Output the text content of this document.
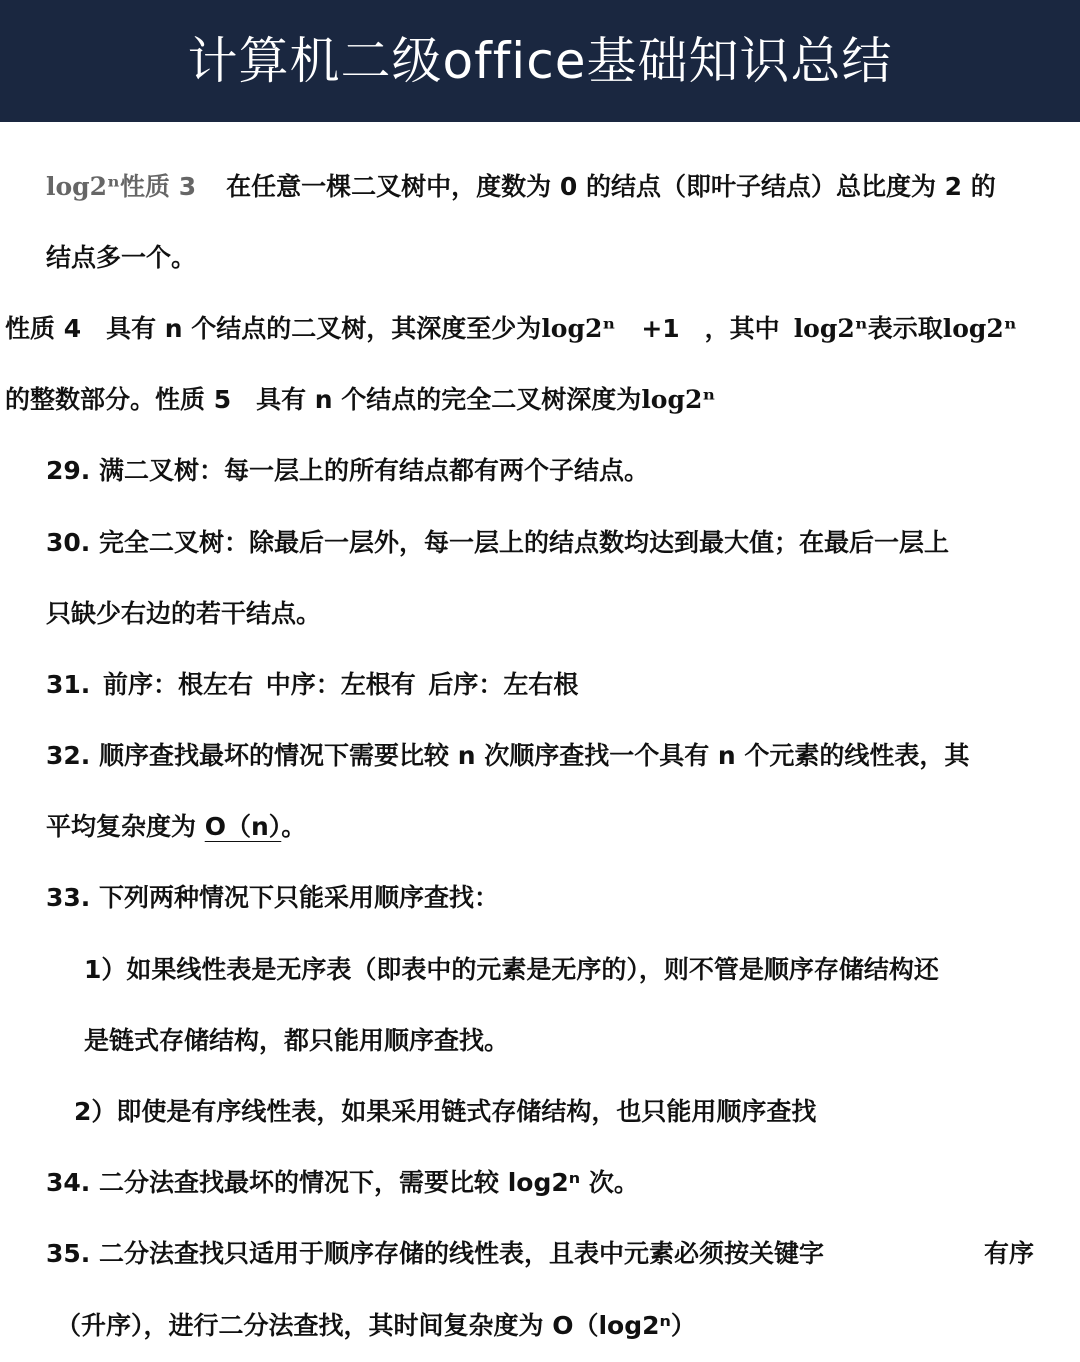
计算机二级office基础知识总结
log2ⁿ性质 3 在任意一棵二叉树中，度数为 0 的结点（即叶子结点）总比度为 2 的
结点多一个。
性质 4　具有 n 个结点的二叉树，其深度至少为log2ⁿ +1　，其中 log2ⁿ表示取log2ⁿ
的整数部分。性质 5　具有 n 个结点的完全二叉树深度为log2ⁿ
29. 满二叉树：每一层上的所有结点都有两个子结点。
30. 完全二叉树：除最后一层外，每一层上的结点数均达到最大值；在最后一层上
只缺少右边的若干结点。
31. 前序：根左右 中序：左根有 后序：左右根
32. 顺序查找最坏的情况下需要比较 n 次顺序查找一个具有 n 个元素的线性表，其
平均复杂度为 O（n）。
33. 下列两种情况下只能采用顺序查找：
1）如果线性表是无序表（即表中的元素是无序的），则不管是顺序存储结构还
是链式存储结构，都只能用顺序查找。
2）即使是有序线性表，如果采用链式存储结构，也只能用顺序查找
34. 二分法查找最坏的情况下，需要比较 log2ⁿ 次。
35. 二分法查找只适用于顺序存储的线性表，且表中元素必须按关键字	有序
（升序），进行二分法查找，其时间复杂度为 O（log2ⁿ）
